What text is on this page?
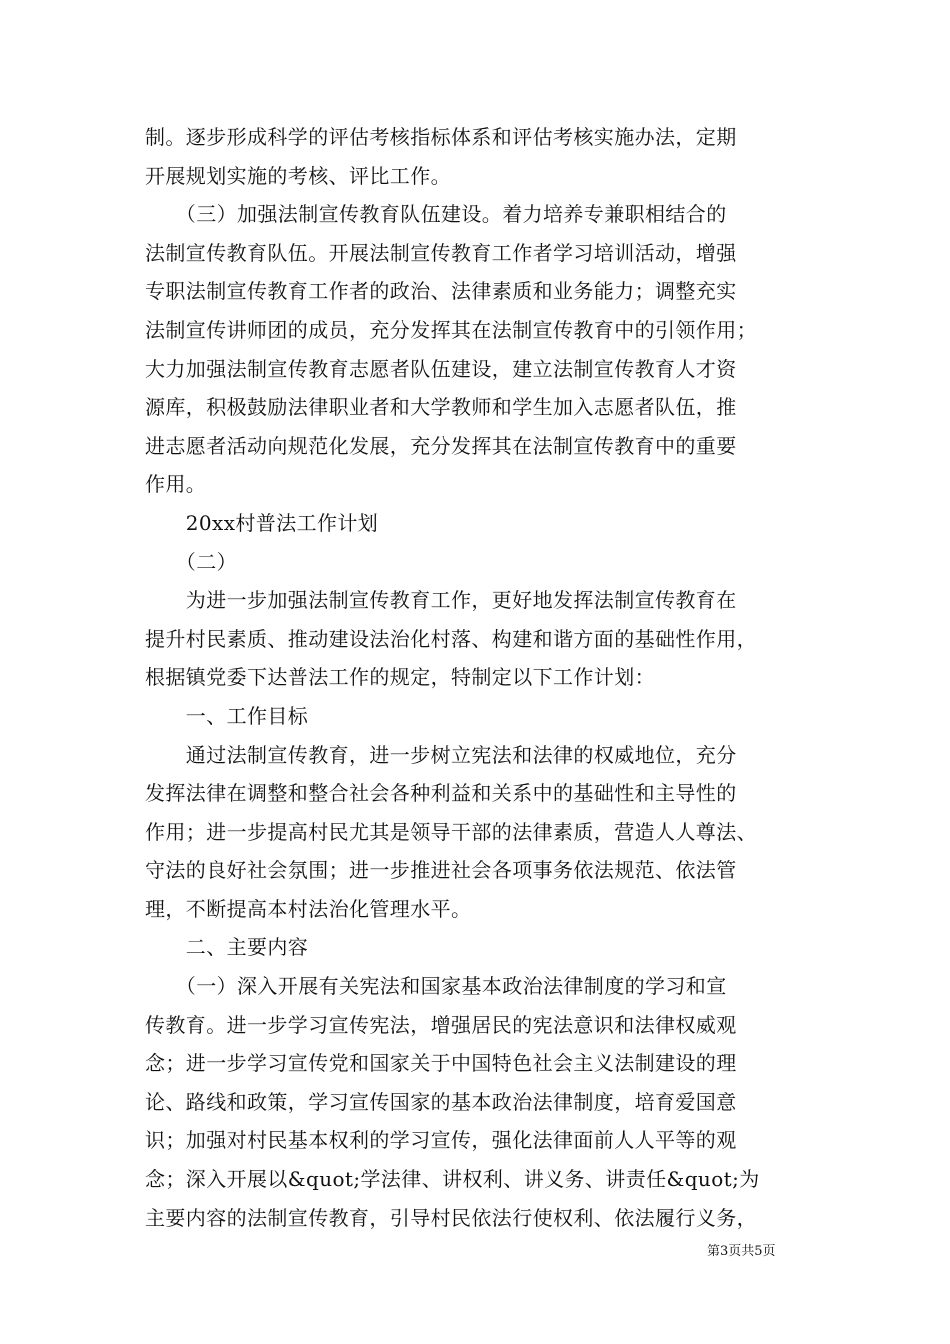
制。逐步形成科学的评估考核指标体系和评估考核实施办法，定期
开展规划实施的考核、评比工作。
　　（三）加强法制宣传教育队伍建设。着力培养专兼职相结合的
法制宣传教育队伍。开展法制宣传教育工作者学习培训活动，增强
专职法制宣传教育工作者的政治、法律素质和业务能力；调整充实
法制宣传讲师团的成员，充分发挥其在法制宣传教育中的引领作用；
大力加强法制宣传教育志愿者队伍建设，建立法制宣传教育人才资
源库，积极鼓励法律职业者和大学教师和学生加入志愿者队伍，推
进志愿者活动向规范化发展，充分发挥其在法制宣传教育中的重要
作用。
　　20xx村普法工作计划
　　（二）
　　为进一步加强法制宣传教育工作，更好地发挥法制宣传教育在
提升村民素质、推动建设法治化村落、构建和谐方面的基础性作用，
根据镇党委下达普法工作的规定，特制定以下工作计划：
　　一、工作目标
　　通过法制宣传教育，进一步树立宪法和法律的权威地位，充分
发挥法律在调整和整合社会各种利益和关系中的基础性和主导性的
作用；进一步提高村民尤其是领导干部的法律素质，营造人人尊法、
守法的良好社会氛围；进一步推进社会各项事务依法规范、依法管
理，不断提高本村法治化管理水平。
　　二、主要内容
　　（一）深入开展有关宪法和国家基本政治法律制度的学习和宣
传教育。进一步学习宣传宪法，增强居民的宪法意识和法律权威观
念；进一步学习宣传党和国家关于中国特色社会主义法制建设的理
论、路线和政策，学习宣传国家的基本政治法律制度，培育爱国意
识；加强对村民基本权利的学习宣传，强化法律面前人人平等的观
念；深入开展以&quot;学法律、讲权利、讲义务、讲责任&quot;为
主要内容的法制宣传教育，引导村民依法行使权利、依法履行义务，
第3页共5页
